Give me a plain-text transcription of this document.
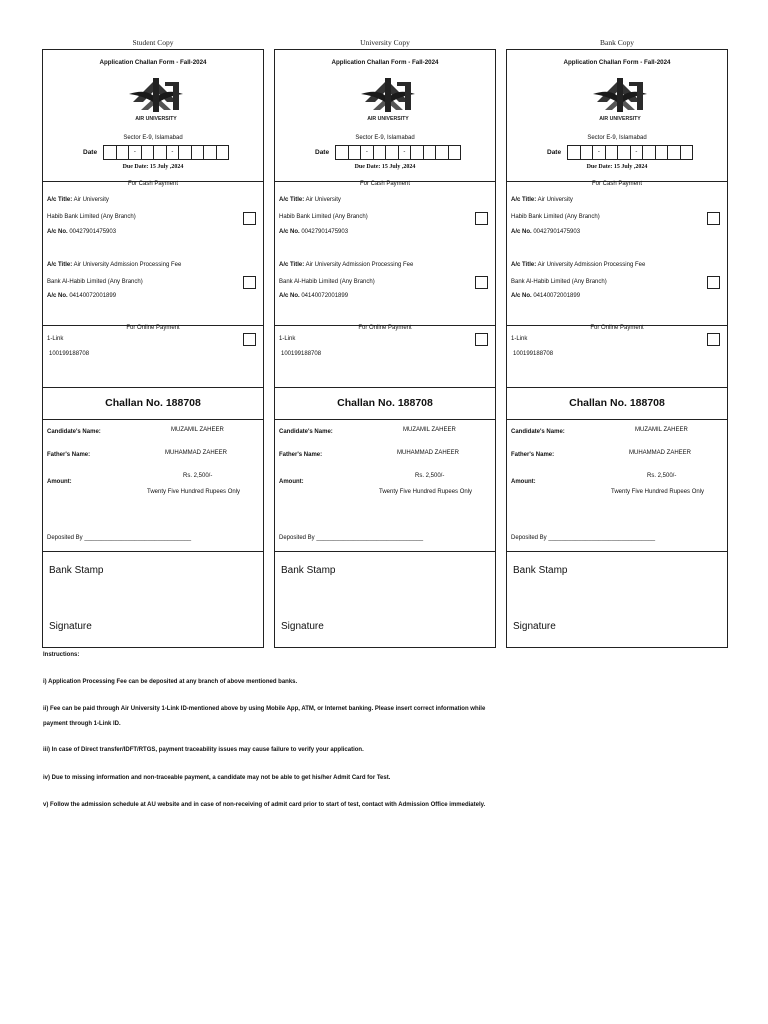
Student Copy
Application Challan Form - Fall-2024
AIR UNIVERSITY
Sector E-9, Islamabad
Date	-	-
Due Date: 15 July ,2024
For Cash Payment
A/c Title: Air University
Habib Bank Limited (Any Branch)
A/c No. 00427901475903
A/c Title: Air University Admission Processing Fee
Bank Al-Habib Limited (Any Branch)
A/c No. 04140072001899
For Online Payment
1-Link
100199188708
Challan No. 188708
Candidate's Name:	MUZAMIL ZAHEER
Father's Name:	MUHAMMAD ZAHEER
Amount:
Rs. 2,500/-
Twenty Five Hundred Rupees Only
Deposited By ________________________________
Bank Stamp
Signature
University Copy
Application Challan Form - Fall-2024
AIR UNIVERSITY
Sector E-9, Islamabad
Date	-	-
Due Date: 15 July ,2024
For Cash Payment
A/c Title: Air University
Habib Bank Limited (Any Branch)
A/c No. 00427901475903
A/c Title: Air University Admission Processing Fee
Bank Al-Habib Limited (Any Branch)
A/c No. 04140072001899
For Online Payment
1-Link
100199188708
Challan No. 188708
Candidate's Name:	MUZAMIL ZAHEER
Father's Name:	MUHAMMAD ZAHEER
Amount:
Rs. 2,500/-
Twenty Five Hundred Rupees Only
Deposited By ________________________________
Bank Stamp
Signature
Bank Copy
Application Challan Form - Fall-2024
AIR UNIVERSITY
Sector E-9, Islamabad
Date	-	-
Due Date: 15 July ,2024
For Cash Payment
A/c Title: Air University
Habib Bank Limited (Any Branch)
A/c No. 00427901475903
A/c Title: Air University Admission Processing Fee
Bank Al-Habib Limited (Any Branch)
A/c No. 04140072001899
For Online Payment
1-Link
100199188708
Challan No. 188708
Candidate's Name:	MUZAMIL ZAHEER
Father's Name:	MUHAMMAD ZAHEER
Amount:
Rs. 2,500/-
Twenty Five Hundred Rupees Only
Deposited By ________________________________
Bank Stamp
Signature
Instructions:
i) Application Processing Fee can be deposited at any branch of above mentioned banks.
ii) Fee can be paid through Air University 1-Link ID-mentioned above by using Mobile App, ATM, or Internet banking. Please insert correct information while payment through 1-Link ID.
iii) In case of Direct transfer/IDFT/RTGS, payment traceability issues may cause failure to verify your application.
iv) Due to missing information and non-traceable payment, a candidate may not be able to get his/her Admit Card for Test.
v) Follow the admission schedule at AU website and in case of non-receiving of admit card prior to start of test, contact with Admission Office immediately.
